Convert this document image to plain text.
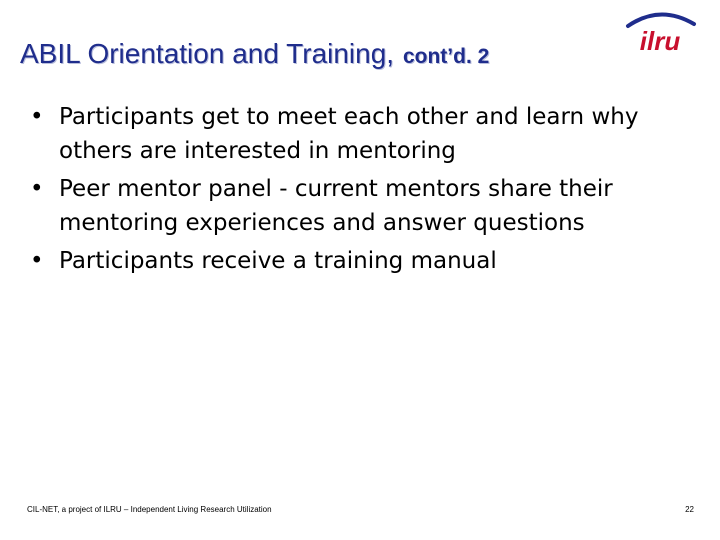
ABIL Orientation and Training, cont’d. 2
ilru
• Participants get to meet each other and learn why others are interested in mentoring
• Peer mentor panel - current mentors share their mentoring experiences and answer questions
• Participants receive a training manual
CIL-NET, a project of ILRU – Independent Living Research Utilization	22
